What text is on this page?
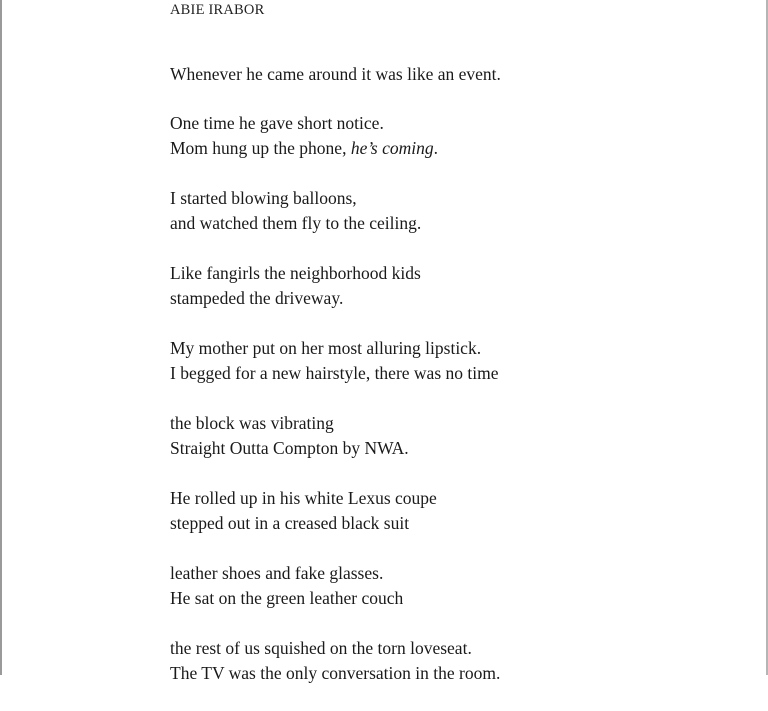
ABIE IRABOR
Whenever he came around it was like an event.
One time he gave short notice.
Mom hung up the phone, he’s coming.
I started blowing balloons,
and watched them fly to the ceiling.
Like fangirls the neighborhood kids
stampeded the driveway.
My mother put on her most alluring lipstick.
I begged for a new hairstyle, there was no time
the block was vibrating
Straight Outta Compton by NWA.
He rolled up in his white Lexus coupe
stepped out in a creased black suit
leather shoes and fake glasses.
He sat on the green leather couch
the rest of us squished on the torn loveseat.
The TV was the only conversation in the room.
